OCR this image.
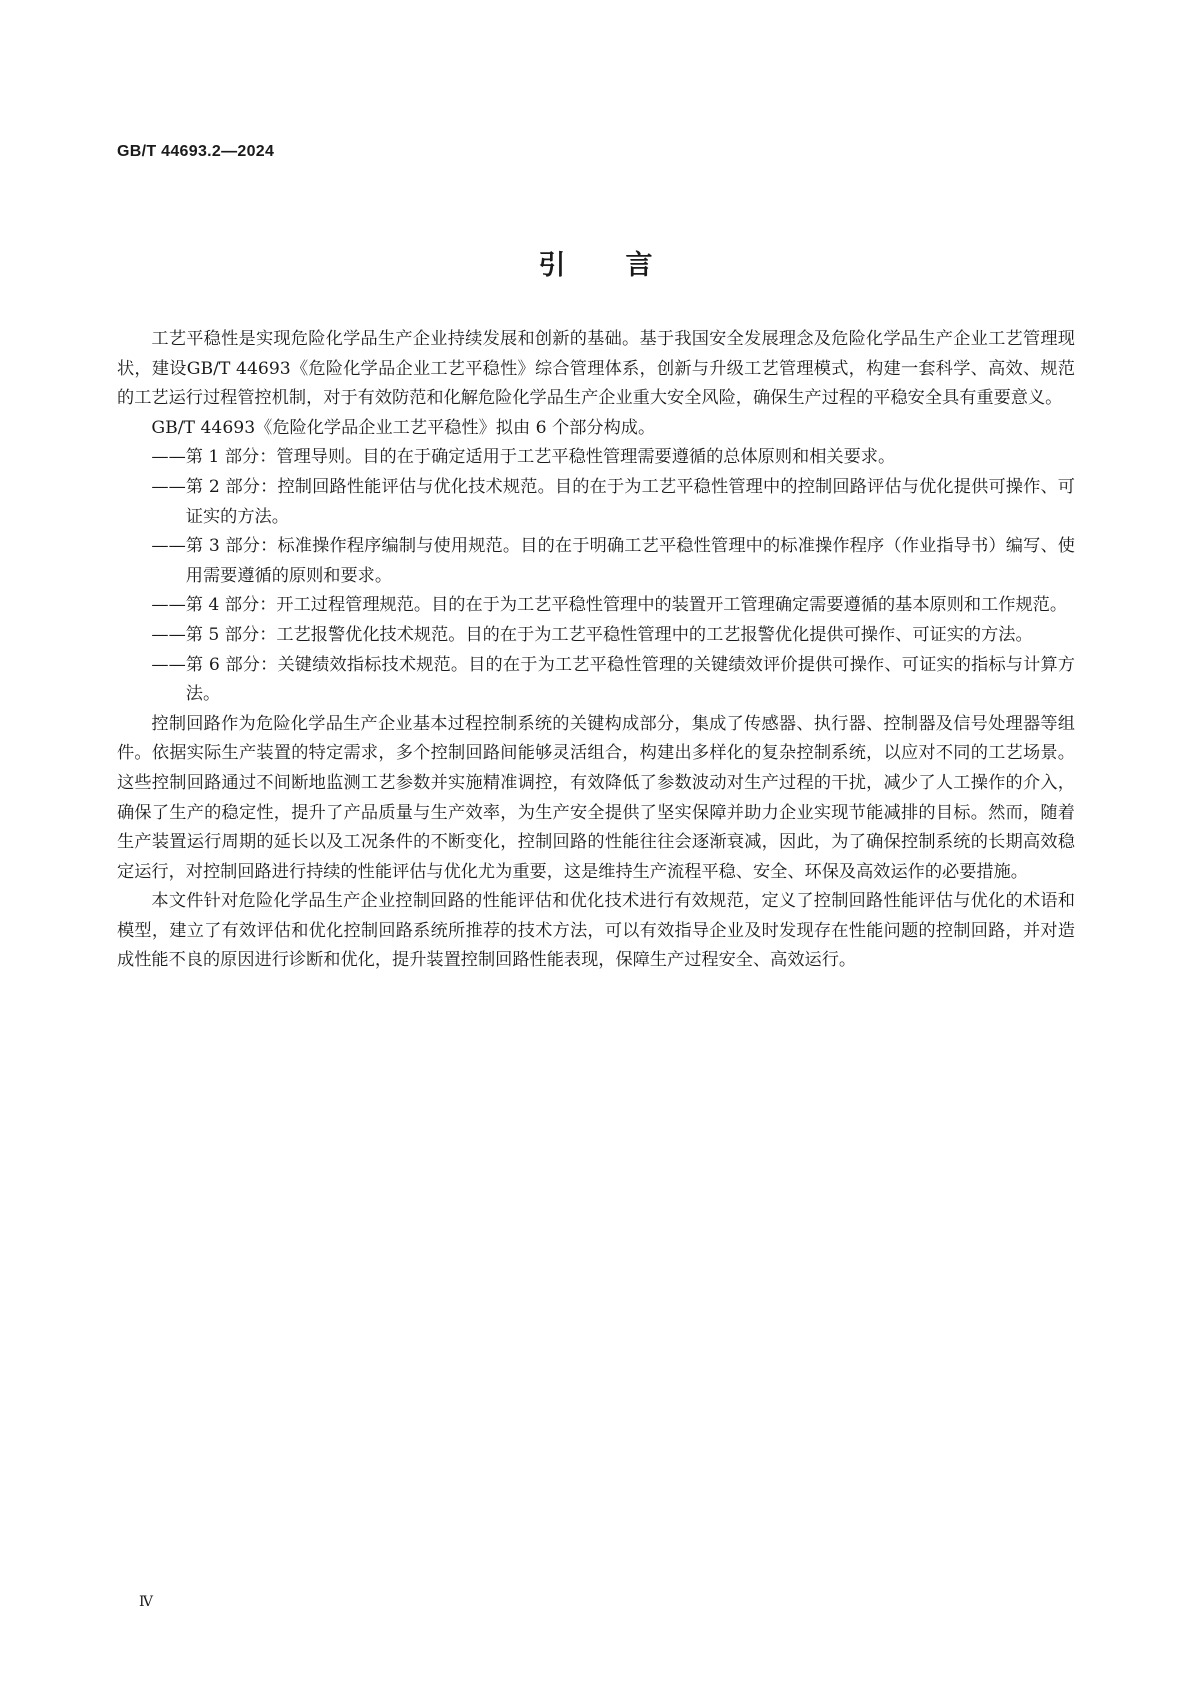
GB/T 44693.2—2024
引言

工艺平稳性是实现危险化学品生产企业持续发展和创新的基础。基于我国安全发展理念及危险化学品生产企业工艺管理现状，建设GB/T 44693《危险化学品企业工艺平稳性》综合管理体系，创新与升级工艺管理模式，构建一套科学、高效、规范的工艺运行过程管控机制，对于有效防范和化解危险化学品生产企业重大安全风险，确保生产过程的平稳安全具有重要意义。

GB/T 44693《危险化学品企业工艺平稳性》拟由 6 个部分构成。

——第 1 部分：管理导则。目的在于确定适用于工艺平稳性管理需要遵循的总体原则和相关要求。

——第 2 部分：控制回路性能评估与优化技术规范。目的在于为工艺平稳性管理中的控制回路评估与优化提供可操作、可证实的方法。

——第 3 部分：标准操作程序编制与使用规范。目的在于明确工艺平稳性管理中的标准操作程序（作业指导书）编写、使用需要遵循的原则和要求。

——第 4 部分：开工过程管理规范。目的在于为工艺平稳性管理中的装置开工管理确定需要遵循的基本原则和工作规范。

——第 5 部分：工艺报警优化技术规范。目的在于为工艺平稳性管理中的工艺报警优化提供可操作、可证实的方法。

——第 6 部分：关键绩效指标技术规范。目的在于为工艺平稳性管理的关键绩效评价提供可操作、可证实的指标与计算方法。

控制回路作为危险化学品生产企业基本过程控制系统的关键构成部分，集成了传感器、执行器、控制器及信号处理器等组件。依据实际生产装置的特定需求，多个控制回路间能够灵活组合，构建出多样化的复杂控制系统，以应对不同的工艺场景。这些控制回路通过不间断地监测工艺参数并实施精准调控，有效降低了参数波动对生产过程的干扰，减少了人工操作的介入，确保了生产的稳定性，提升了产品质量与生产效率，为生产安全提供了坚实保障并助力企业实现节能减排的目标。然而，随着生产装置运行周期的延长以及工况条件的不断变化，控制回路的性能往往会逐渐衰减，因此，为了确保控制系统的长期高效稳定运行，对控制回路进行持续的性能评估与优化尤为重要，这是维持生产流程平稳、安全、环保及高效运作的必要措施。

本文件针对危险化学品生产企业控制回路的性能评估和优化技术进行有效规范，定义了控制回路性能评估与优化的术语和模型，建立了有效评估和优化控制回路系统所推荐的技术方法，可以有效指导企业及时发现存在性能问题的控制回路，并对造成性能不良的原因进行诊断和优化，提升装置控制回路性能表现，保障生产过程安全、高效运行。

Ⅳ
